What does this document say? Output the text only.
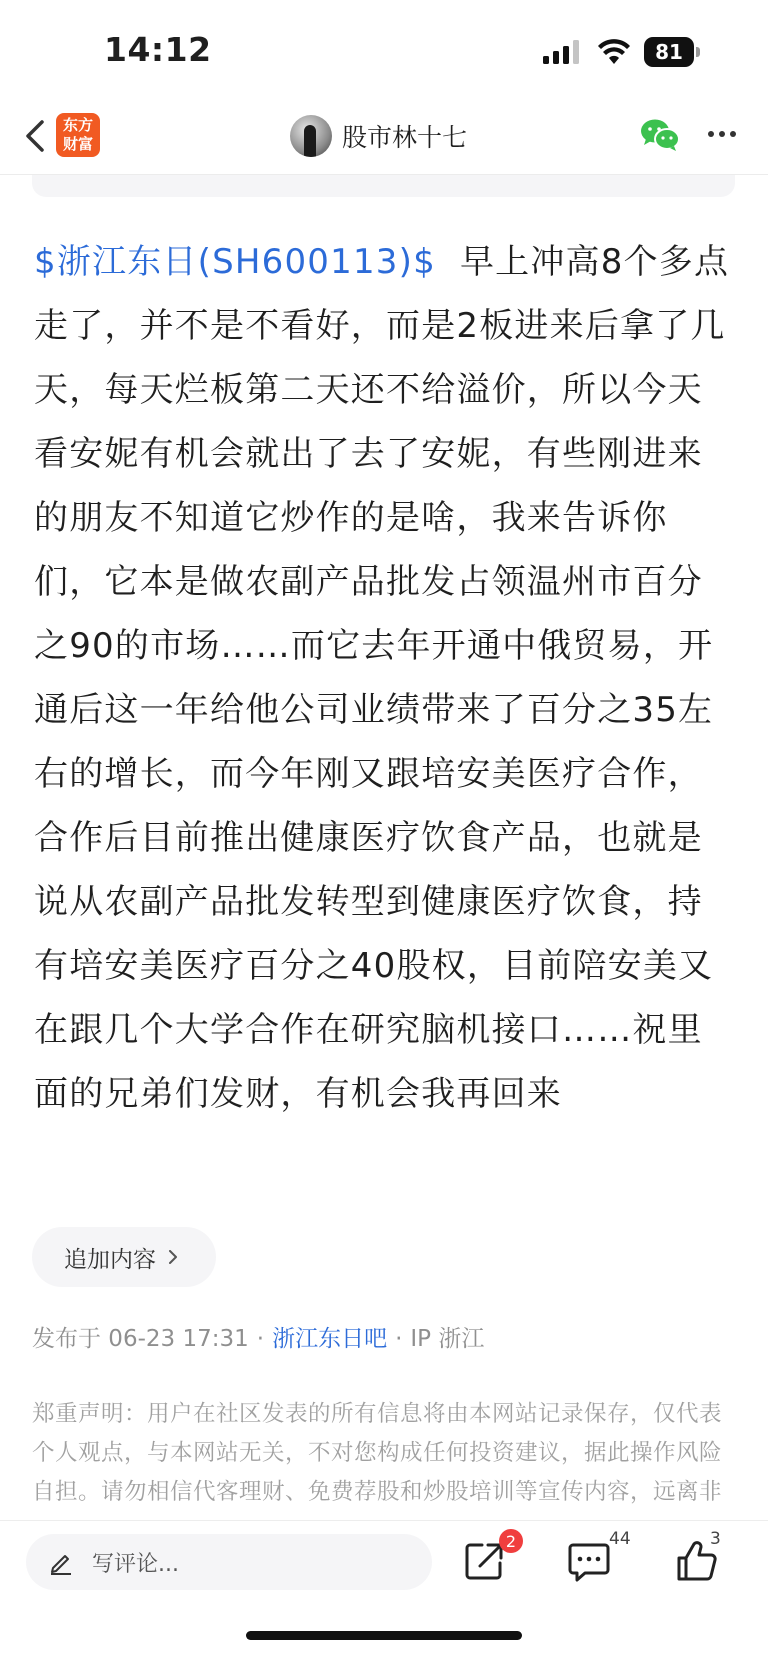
14:12	81
东方
财富	股市林十七
$浙江东日(SH600113)$  早上冲高8个多点走了，并不是不看好，而是2板进来后拿了几天，每天烂板第二天还不给溢价，所以今天看安妮有机会就出了去了安妮，有些刚进来的朋友不知道它炒作的是啥，我来告诉你们，它本是做农副产品批发占领温州市百分之90的市场……而它去年开通中俄贸易，开通后这一年给他公司业绩带来了百分之35左右的增长，而今年刚又跟培安美医疗合作，合作后目前推出健康医疗饮食产品，也就是说从农副产品批发转型到健康医疗饮食，持有培安美医疗百分之40股权，目前陪安美又在跟几个大学合作在研究脑机接口……祝里面的兄弟们发财，有机会我再回来
追加内容
发布于 06-23 17:31 · 浙江东日吧 · IP 浙江
郑重声明：用户在社区发表的所有信息将由本网站记录保存，仅代表个人观点，与本网站无关，不对您构成任何投资建议，据此操作风险自担。请勿相信代客理财、免费荐股和炒股培训等宣传内容，远离非
写评论...
2	44	3
